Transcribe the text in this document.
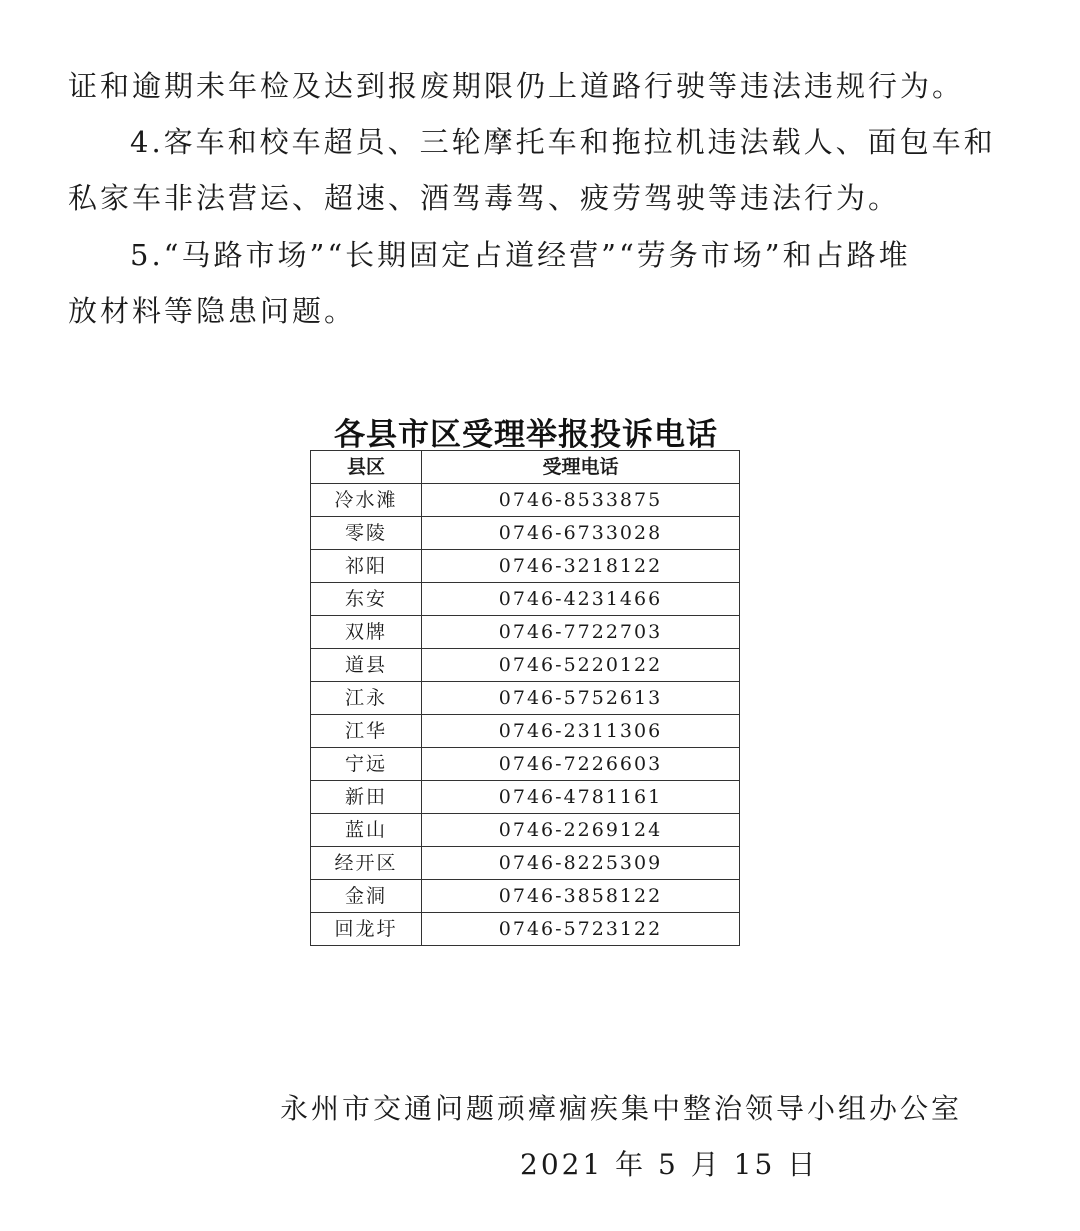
证和逾期未年检及达到报废期限仍上道路行驶等违法违规行为。
4.客车和校车超员、三轮摩托车和拖拉机违法载人、面包车和
私家车非法营运、超速、酒驾毒驾、疲劳驾驶等违法行为。
5.“马路市场”“长期固定占道经营”“劳务市场”和占路堆
放材料等隐患问题。
各县市区受理举报投诉电话
县区	受理电话
冷水滩	0746-8533875
零陵	0746-6733028
祁阳	0746-3218122
东安	0746-4231466
双牌	0746-7722703
道县	0746-5220122
江永	0746-5752613
江华	0746-2311306
宁远	0746-7226603
新田	0746-4781161
蓝山	0746-2269124
经开区	0746-8225309
金洞	0746-3858122
回龙圩	0746-5723122
永州市交通问题顽瘴痼疾集中整治领导小组办公室
2021 年 5 月 15 日
